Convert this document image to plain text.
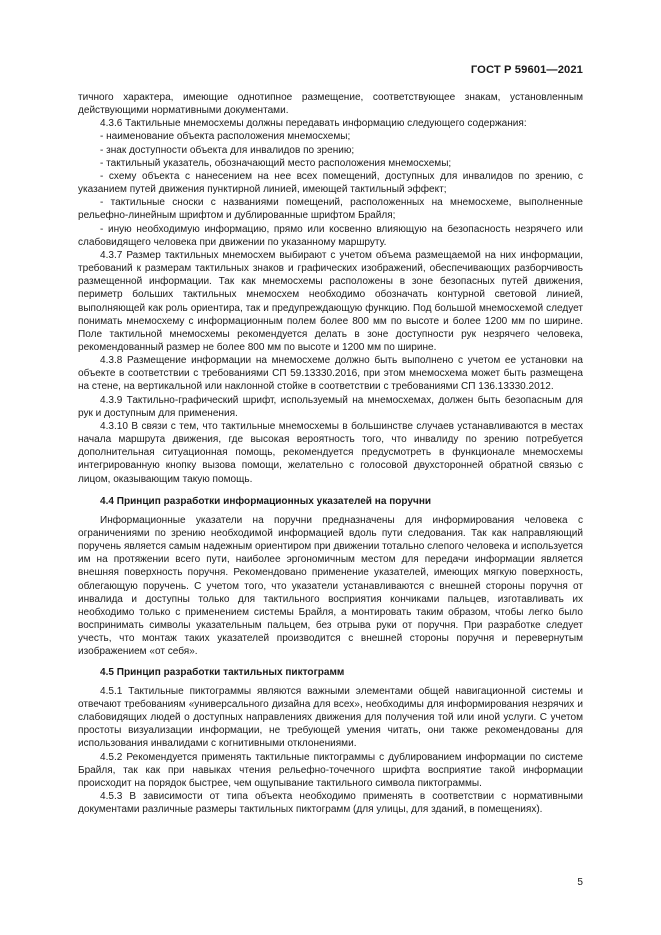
ГОСТ Р 59601—2021

тичного характера, имеющие однотипное размещение, соответствующее знакам, установленным действующими нормативными документами.

4.3.6 Тактильные мнемосхемы должны передавать информацию следующего содержания:

- наименование объекта расположения мнемосхемы;

- знак доступности объекта для инвалидов по зрению;

- тактильный указатель, обозначающий место расположения мнемосхемы;

- схему объекта с нанесением на нее всех помещений, доступных для инвалидов по зрению, с указанием путей движения пунктирной линией, имеющей тактильный эффект;

- тактильные сноски с названиями помещений, расположенных на мнемосхеме, выполненные рельефно-линейным шрифтом и дублированные шрифтом Брайля;

- иную необходимую информацию, прямо или косвенно влияющую на безопасность незрячего или слабовидящего человека при движении по указанному маршруту.

4.3.7 Размер тактильных мнемосхем выбирают с учетом объема размещаемой на них информации, требований к размерам тактильных знаков и графических изображений, обеспечивающих разборчивость размещенной информации. Так как мнемосхемы расположены в зоне безопасных путей движения, периметр больших тактильных мнемосхем необходимо обозначать контурной световой линией, выполняющей как роль ориентира, так и предупреждающую функцию. Под большой мнемосхемой следует понимать мнемосхему с информационным полем более 800 мм по высоте и более 1200 мм по ширине. Поле тактильной мнемосхемы рекомендуется делать в зоне доступности рук незрячего человека, рекомендованный размер не более 800 мм по высоте и 1200 мм по ширине.

4.3.8 Размещение информации на мнемосхеме должно быть выполнено с учетом ее установки на объекте в соответствии с требованиями СП 59.13330.2016, при этом мнемосхема может быть размещена на стене, на вертикальной или наклонной стойке в соответствии с требованиями СП 136.13330.2012.

4.3.9 Тактильно-графический шрифт, используемый на мнемосхемах, должен быть безопасным для рук и доступным для применения.

4.3.10 В связи с тем, что тактильные мнемосхемы в большинстве случаев устанавливаются в местах начала маршрута движения, где высокая вероятность того, что инвалиду по зрению потребуется дополнительная ситуационная помощь, рекомендуется предусмотреть в функционале мнемосхемы интегрированную кнопку вызова помощи, желательно с голосовой двухсторонней обратной связью с лицом, оказывающим такую помощь.

4.4 Принцип разработки информационных указателей на поручни

Информационные указатели на поручни предназначены для информирования человека с ограничениями по зрению необходимой информацией вдоль пути следования. Так как направляющий поручень является самым надежным ориентиром при движении тотально слепого человека и используется им на протяжении всего пути, наиболее эргономичным местом для передачи информации является внешняя поверхность поручня. Рекомендовано применение указателей, имеющих мягкую поверхность, облегающую поручень. С учетом того, что указатели устанавливаются с внешней стороны поручня от инвалида и доступны только для тактильного восприятия кончиками пальцев, изготавливать их необходимо только с применением системы Брайля, а монтировать таким образом, чтобы легко было воспринимать символы указательным пальцем, без отрыва руки от поручня. При разработке следует учесть, что монтаж таких указателей производится с внешней стороны поручня и перевернутым изображением «от себя».

4.5 Принцип разработки тактильных пиктограмм

4.5.1 Тактильные пиктограммы являются важными элементами общей навигационной системы и отвечают требованиям «универсального дизайна для всех», необходимы для информирования незрячих и слабовидящих людей о доступных направлениях движения для получения той или иной услуги. С учетом простоты визуализации информации, не требующей умения читать, они также рекомендованы для использования инвалидами с когнитивными отклонениями.

4.5.2 Рекомендуется применять тактильные пиктограммы с дублированием информации по системе Брайля, так как при навыках чтения рельефно-точечного шрифта восприятие такой информации происходит на порядок быстрее, чем ощупывание тактильного символа пиктограммы.

4.5.3 В зависимости от типа объекта необходимо применять в соответствии с нормативными документами различные размеры тактильных пиктограмм (для улицы, для зданий, в помещениях).

5
